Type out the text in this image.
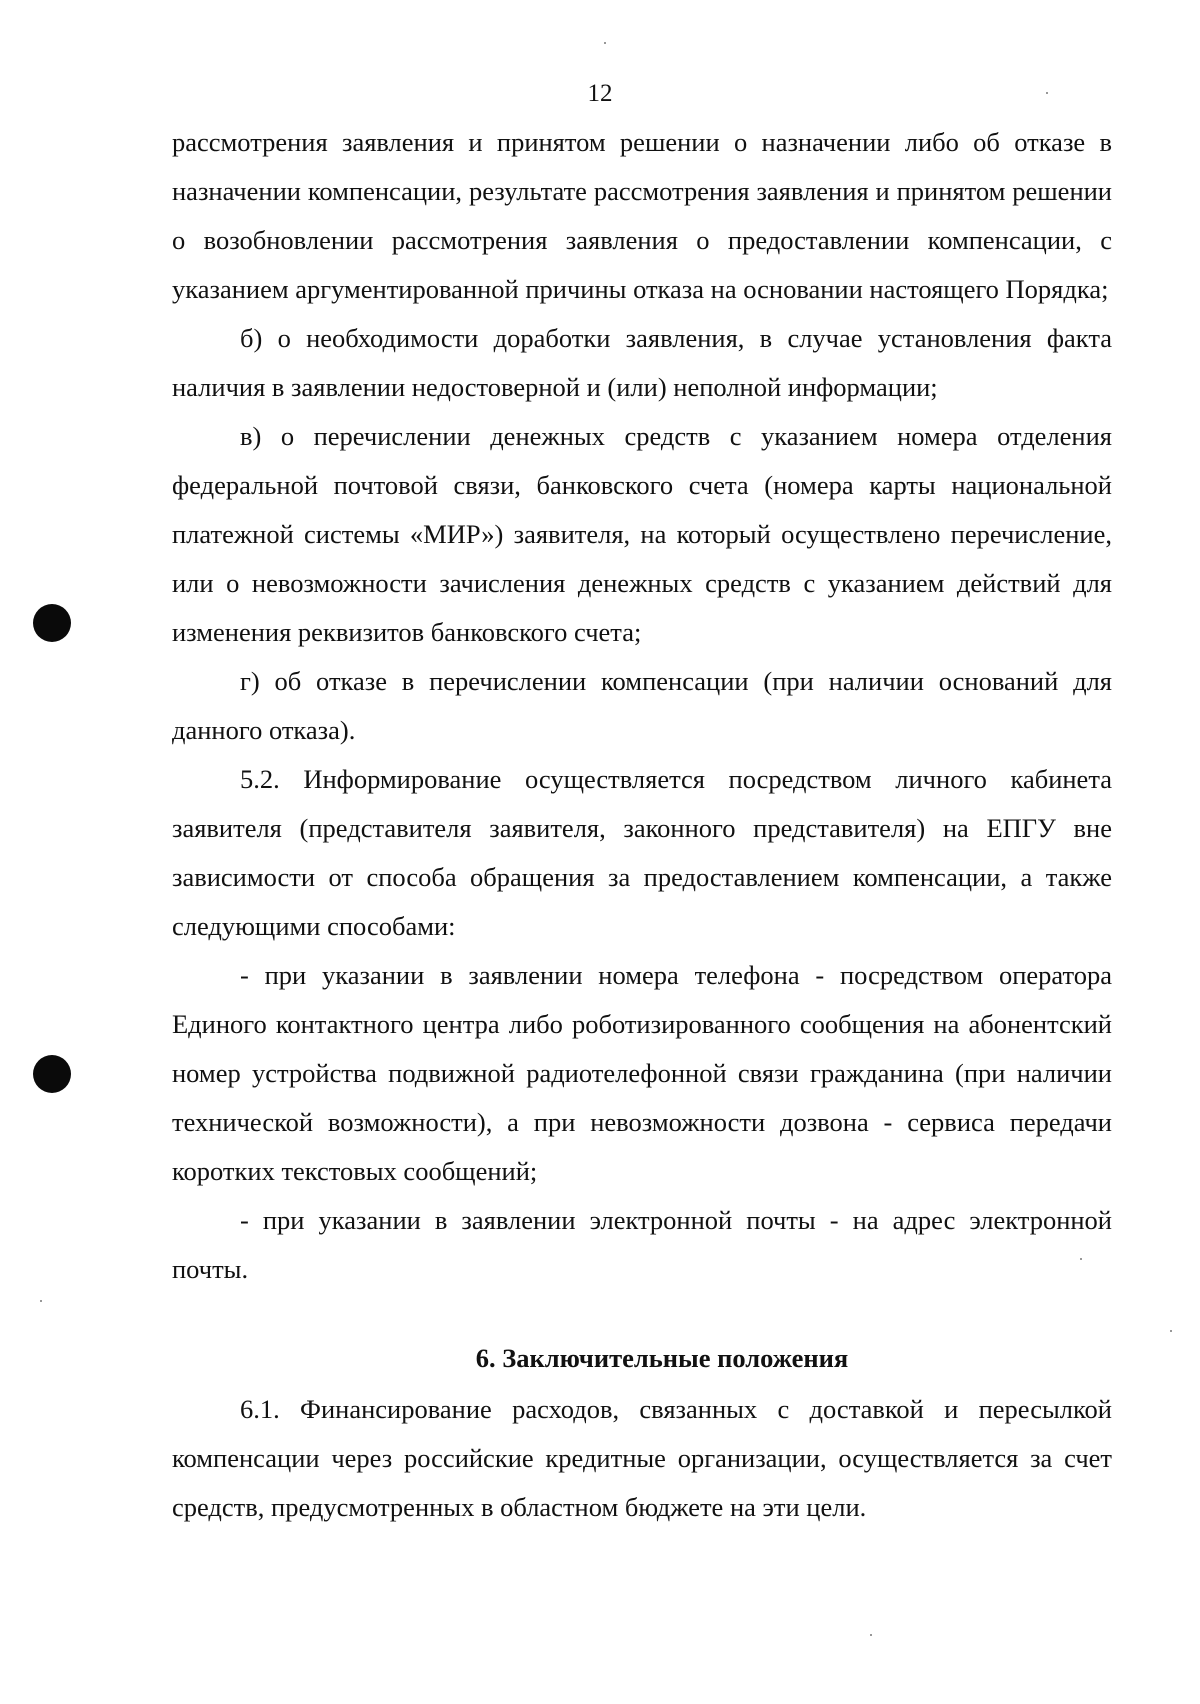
12

рассмотрения заявления и принятом решении о назначении либо об отказе в назначении компенсации, результате рассмотрения заявления и принятом решении о возобновлении рассмотрения заявления о предоставлении компенсации, с указанием аргументированной причины отказа на основании настоящего Порядка;

б) о необходимости доработки заявления, в случае установления факта наличия в заявлении недостоверной и (или) неполной информации;

в) о перечислении денежных средств с указанием номера отделения федеральной почтовой связи, банковского счета (номера карты национальной платежной системы «МИР») заявителя, на который осуществлено перечисление, или о невозможности зачисления денежных средств с указанием действий для изменения реквизитов банковского счета;

г) об отказе в перечислении компенсации (при наличии оснований для данного отказа).

5.2. Информирование осуществляется посредством личного кабинета заявителя (представителя заявителя, законного представителя) на ЕПГУ вне зависимости от способа обращения за предоставлением компенсации, а также следующими способами:

- при указании в заявлении номера телефона - посредством оператора Единого контактного центра либо роботизированного сообщения на абонентский номер устройства подвижной радиотелефонной связи гражданина (при наличии технической возможности), а при невозможности дозвона - сервиса передачи коротких текстовых сообщений;

- при указании в заявлении электронной почты - на адрес электронной почты.

6. Заключительные положения

6.1. Финансирование расходов, связанных с доставкой и пересылкой компенсации через российские кредитные организации, осуществляется за счет средств, предусмотренных в областном бюджете на эти цели.
